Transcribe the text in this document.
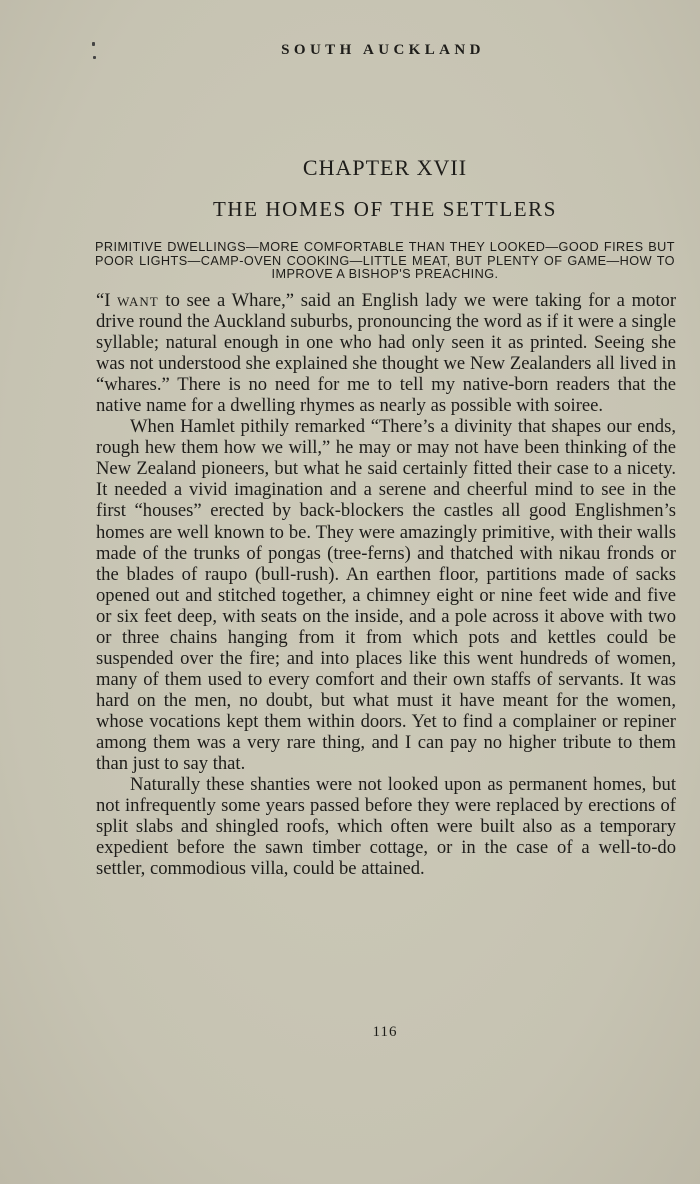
SOUTH AUCKLAND
CHAPTER XVII
THE HOMES OF THE SETTLERS

PRIMITIVE DWELLINGS—MORE COMFORTABLE THAN THEY LOOKED—GOOD FIRES BUT POOR LIGHTS—CAMP-OVEN COOKING—LITTLE MEAT, BUT PLENTY OF GAME—HOW TO IMPROVE A BISHOP'S PREACHING.

“I want to see a Whare,” said an English lady we were taking for a motor drive round the Auckland suburbs, pronouncing the word as if it were a single syllable; natural enough in one who had only seen it as printed. Seeing she was not understood she explained she thought we New Zealanders all lived in “whares.” There is no need for me to tell my native-born readers that the native name for a dwelling rhymes as nearly as possible with soiree.

When Hamlet pithily remarked “There’s a divinity that shapes our ends, rough hew them how we will,” he may or may not have been thinking of the New Zealand pioneers, but what he said certainly fitted their case to a nicety. It needed a vivid imagination and a serene and cheerful mind to see in the first “houses” erected by back-blockers the castles all good Englishmen’s homes are well known to be. They were amazingly primitive, with their walls made of the trunks of pongas (tree-ferns) and thatched with nikau fronds or the blades of raupo (bull-rush). An earthen floor, partitions made of sacks opened out and stitched together, a chimney eight or nine feet wide and five or six feet deep, with seats on the inside, and a pole across it above with two or three chains hanging from it from which pots and kettles could be suspended over the fire; and into places like this went hundreds of women, many of them used to every comfort and their own staffs of servants. It was hard on the men, no doubt, but what must it have meant for the women, whose vocations kept them within doors. Yet to find a complainer or repiner among them was a very rare thing, and I can pay no higher tribute to them than just to say that.

Naturally these shanties were not looked upon as permanent homes, but not infrequently some years passed before they were replaced by erections of split slabs and shingled roofs, which often were built also as a temporary expedient before the sawn timber cottage, or in the case of a well-to-do settler, commodious villa, could be attained.

116
